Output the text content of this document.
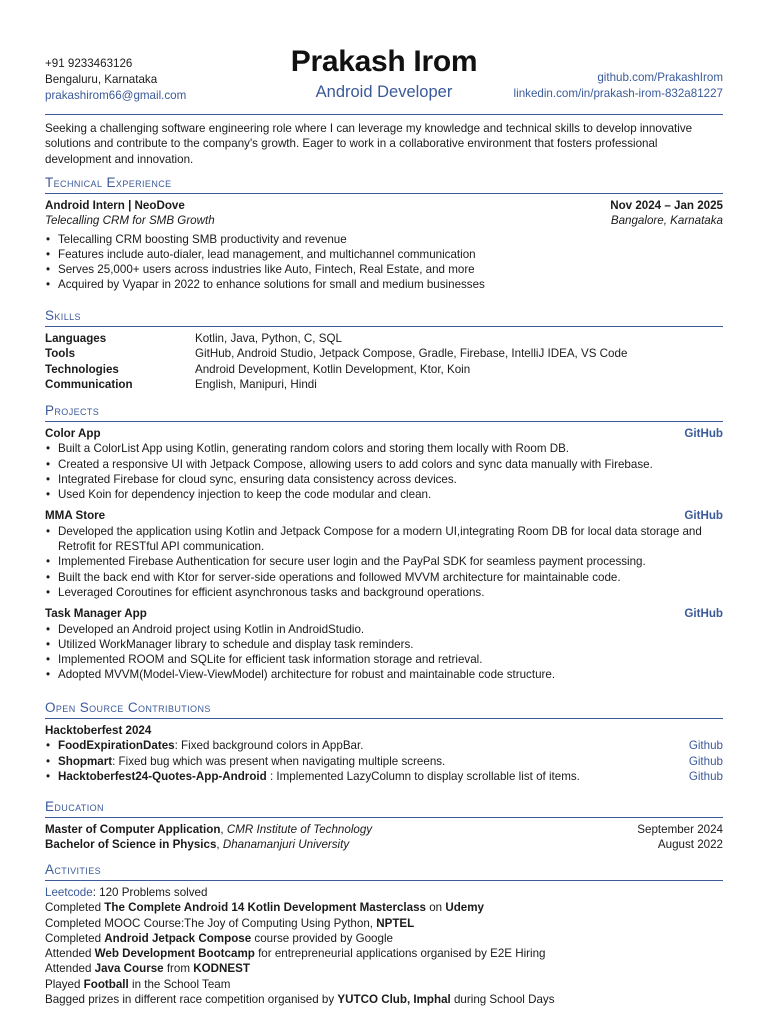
+91 9233463126
Bengaluru, Karnataka
prakashirom66@gmail.com
Prakash Irom
Android Developer
github.com/PrakashIrom
linkedin.com/in/prakash-irom-832a81227
Seeking a challenging software engineering role where I can leverage my knowledge and technical skills to develop innovative solutions and contribute to the company's growth. Eager to work in a collaborative environment that fosters professional development and innovation.
Technical Experience
Android Intern | NeoDove	Nov 2024 – Jan 2025
Telecalling CRM for SMB Growth	Bangalore, Karnataka
• Telecalling CRM boosting SMB productivity and revenue
• Features include auto-dialer, lead management, and multichannel communication
• Serves 25,000+ users across industries like Auto, Fintech, Real Estate, and more
• Acquired by Vyapar in 2022 to enhance solutions for small and medium businesses
Skills
Languages	Kotlin, Java, Python, C, SQL
Tools	GitHub, Android Studio, Jetpack Compose, Gradle, Firebase, IntelliJ IDEA, VS Code
Technologies	Android Development, Kotlin Development, Ktor, Koin
Communication	English, Manipuri, Hindi
Projects
Color App	GitHub
• Built a ColorList App using Kotlin, generating random colors and storing them locally with Room DB.
• Created a responsive UI with Jetpack Compose, allowing users to add colors and sync data manually with Firebase.
• Integrated Firebase for cloud sync, ensuring data consistency across devices.
• Used Koin for dependency injection to keep the code modular and clean.
MMA Store	GitHub
• Developed the application using Kotlin and Jetpack Compose for a modern UI,integrating Room DB for local data storage and Retrofit for RESTful API communication.
• Implemented Firebase Authentication for secure user login and the PayPal SDK for seamless payment processing.
• Built the back end with Ktor for server-side operations and followed MVVM architecture for maintainable code.
• Leveraged Coroutines for efficient asynchronous tasks and background operations.
Task Manager App	GitHub
• Developed an Android project using Kotlin in AndroidStudio.
• Utilized WorkManager library to schedule and display task reminders.
• Implemented ROOM and SQLite for efficient task information storage and retrieval.
• Adopted MVVM(Model-View-ViewModel) architecture for robust and maintainable code structure.
Open Source Contributions
Hacktoberfest 2024
• FoodExpirationDates: Fixed background colors in AppBar.	Github
• Shopmart: Fixed bug which was present when navigating multiple screens.	Github
• Hacktoberfest24-Quotes-App-Android : Implemented LazyColumn to display scrollable list of items.	Github
Education
Master of Computer Application, CMR Institute of Technology	September 2024
Bachelor of Science in Physics, Dhanamanjuri University	August 2022
Activities
Leetcode: 120 Problems solved
Completed The Complete Android 14 Kotlin Development Masterclass on Udemy
Completed MOOC Course:The Joy of Computing Using Python, NPTEL
Completed Android Jetpack Compose course provided by Google
Attended Web Development Bootcamp for entrepreneurial applications organised by E2E Hiring
Attended Java Course from KODNEST
Played Football in the School Team
Bagged prizes in different race competition organised by YUTCO Club, Imphal during School Days
